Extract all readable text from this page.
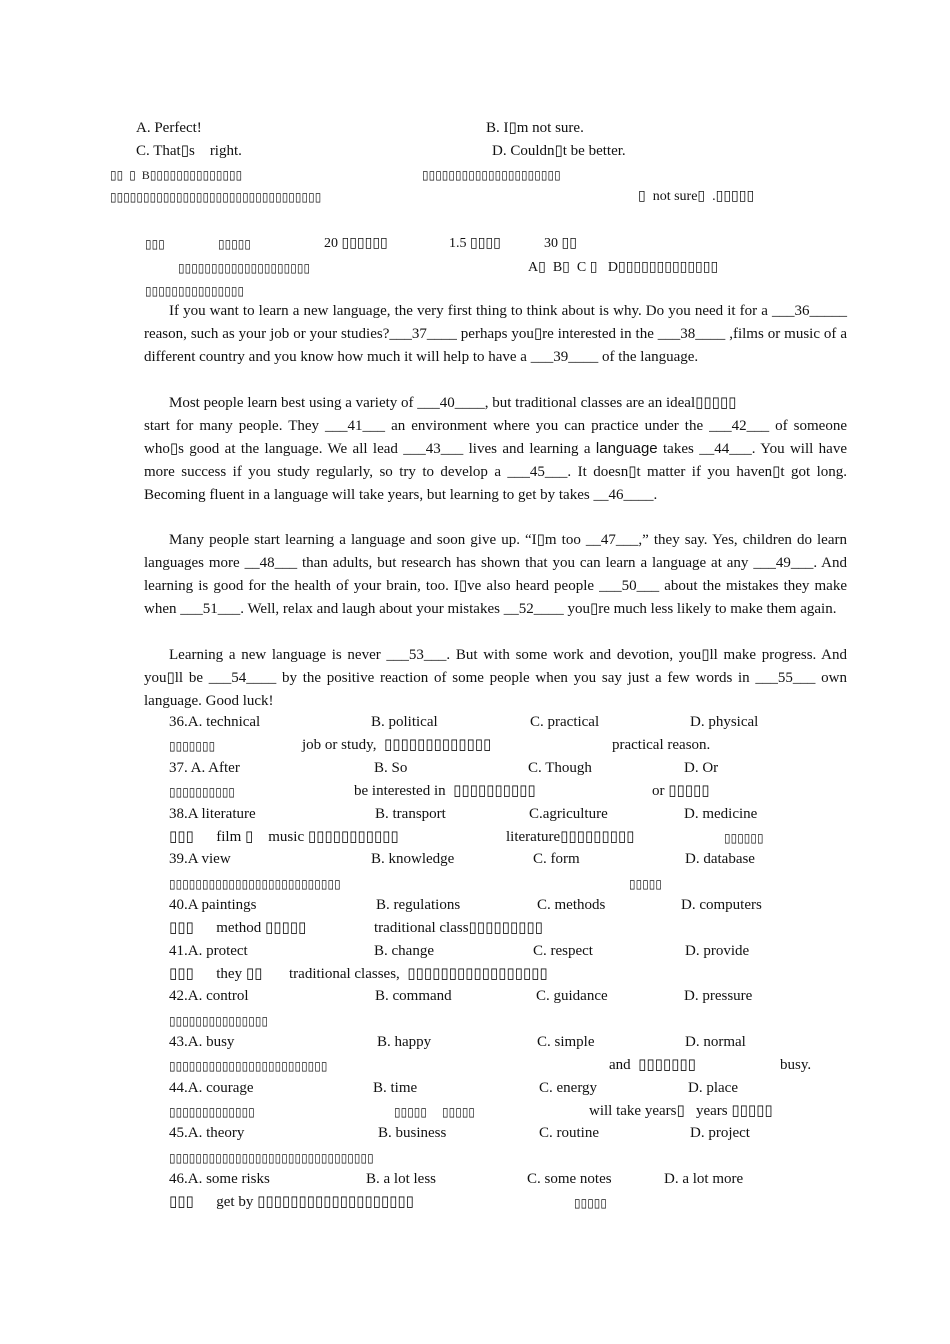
A. Perfect!	B. I▯m not sure.
C. That▯s    right.	D. Couldn▯t be better.
▯▯  ▯  B▯▯▯▯▯▯▯▯▯▯▯▯▯▯	▯▯▯▯▯▯▯▯▯▯▯▯▯▯▯▯▯▯▯▯▯
▯▯▯▯▯▯▯▯▯▯▯▯▯▯▯▯▯▯▯▯▯▯▯▯▯▯▯▯▯▯▯▯	▯  not sure▯  .▯▯▯▯▯
▯▯▯	▯▯▯▯▯	20 ▯▯▯▯▯▯	1.5 ▯▯▯▯	30 ▯▯
▯▯▯▯▯▯▯▯▯▯▯▯▯▯▯▯▯▯▯▯	A▯  B▯  C ▯   D▯▯▯▯▯▯▯▯▯▯▯▯▯
▯▯▯▯▯▯▯▯▯▯▯▯▯▯▯
If you want to learn a new language, the very first thing to think about is why. Do you need it for a ___36_____ reason, such as your job or your studies?___37____ perhaps you▯re interested in the ___38____ ,films or music of a different country and you know how much it will help to have a ___39____ of the language.
Most people learn best using a variety of ___40____, but traditional classes are an ideal▯▯▯▯▯
start for many people. They ___41___ an environment where you can practice under the ___42___ of someone who▯s good at the language. We all lead ___43___ lives and learning a language takes __44___. You will have more success if you study regularly, so try to develop a ___45___. It doesn▯t matter if you haven▯t got long. Becoming fluent in a language will take years, but learning to get by takes __46____.
Many people start learning a language and soon give up. “I▯m too __47___,” they say. Yes, children do learn languages more __48___ than adults, but research has shown that you can learn a language at any ___49___. And learning is good for the health of your brain, too. I▯ve also heard people ___50___ about the mistakes they make when ___51___. Well, relax and laugh about your mistakes __52____ you▯re much less likely to make them again.
Learning a new language is never ___53___. But with some work and devotion, you▯ll make progress. And you▯ll be ___54____ by the positive reaction of some people when you say just a few words in ___55___ own language. Good luck!
36.A. technical	B. political	C. practical	D. physical
▯▯▯▯▯▯▯	job or study,  ▯▯▯▯▯▯▯▯▯▯▯▯▯	practical reason.
37. A. After	B. So	C. Though	D. Or
▯▯▯▯▯▯▯▯▯▯	be interested in  ▯▯▯▯▯▯▯▯▯▯	or ▯▯▯▯▯
38.A literature	B. transport	C.agriculture	D. medicine
▯▯▯      film ▯    music ▯▯▯▯▯▯▯▯▯▯▯	literature▯▯▯▯▯▯▯▯▯	▯▯▯▯▯▯
39.A view	B. knowledge	C. form	D. database
▯▯▯▯▯▯▯▯▯▯▯▯▯▯▯▯▯▯▯▯▯▯▯▯▯▯	▯▯▯▯▯
40.A paintings	B. regulations	C. methods	D. computers
▯▯▯      method ▯▯▯▯▯	traditional class▯▯▯▯▯▯▯▯▯
41.A. protect	B. change	C. respect	D. provide
▯▯▯      they ▯▯ traditional classes,  ▯▯▯▯▯▯▯▯▯▯▯▯▯▯▯▯▯
42.A. control	B. command	C. guidance	D. pressure
▯▯▯▯▯▯▯▯▯▯▯▯▯▯▯
43.A. busy	B. happy	C. simple	D. normal
▯▯▯▯▯▯▯▯▯▯▯▯▯▯▯▯▯▯▯▯▯▯▯▯	and  ▯▯▯▯▯▯▯	busy.
44.A. courage	B. time	C. energy	D. place
▯▯▯▯▯▯▯▯▯▯▯▯▯	▯▯▯▯▯     ▯▯▯▯▯	will take years▯   years ▯▯▯▯▯
45.A. theory	B. business	C. routine	D. project
▯▯▯▯▯▯▯▯▯▯▯▯▯▯▯▯▯▯▯▯▯▯▯▯▯▯▯▯▯▯▯
46.A. some risks	B. a lot less	C. some notes	D. a lot more
▯▯▯      get by ▯▯▯▯▯▯▯▯▯▯▯▯▯▯▯▯▯▯▯	▯▯▯▯▯
